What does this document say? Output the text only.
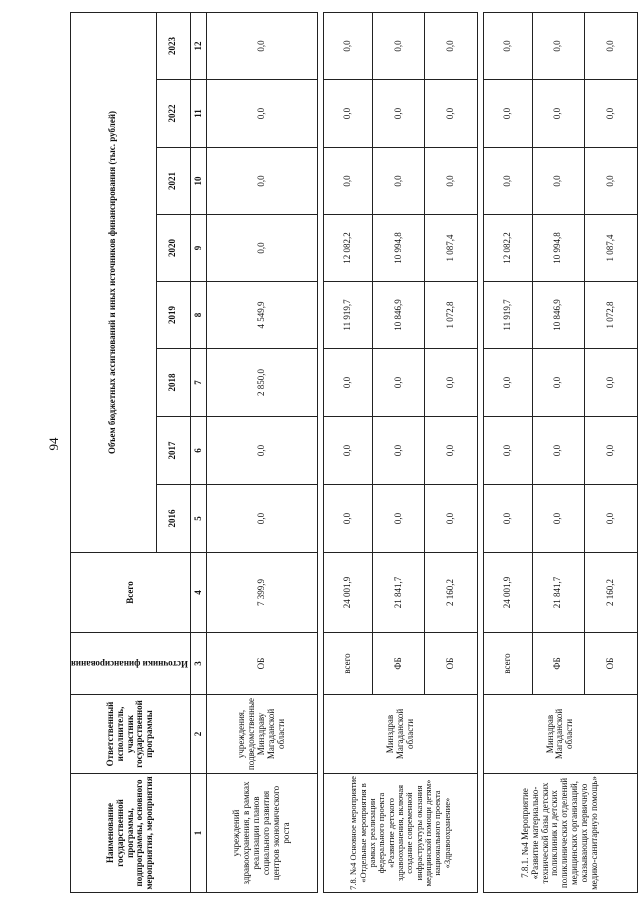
94
Наименование государственной программы, подпрограммы, основного мероприятия, мероприятия	Ответственный исполнитель, участник государственной программы	Источники финансирования	Всего	Объем бюджетных ассигнований и иных источников финансирования (тыс. рублей)							
				2016	2017	2018	2019	2020	2021	2022	2023
1	2	3	4	5	6	7	8	9	10	11	12
учреждений здравоохранения, в рамках реализации планов социального развития центров экономического роста	учреждения, подведомственные Минздраву Магаданской области	ОБ	7 399,9	0,0	0,0	2 850,0	4 549,9	0,0	0,0	0,0	0,0

7.8. №4 Основное мероприятие «Отдельные мероприятия в рамках реализации федерального проекта «Развитие детского здравоохранения, включая создание современной инфраструктуры оказания медицинской помощи детям» национального проекта «Здравоохранение»	Минздрав Магаданской области	всего	24 001,9	0,0	0,0	0,0	11 919,7	12 082,2	0,0	0,0	0,0
		ФБ	21 841,7	0,0	0,0	0,0	10 846,9	10 994,8	0,0	0,0	0,0
		ОБ	2 160,2	0,0	0,0	0,0	1 072,8	1 087,4	0,0	0,0	0,0

7.8.1. №4 Мероприятие «Развитие материально-технической базы детских поликлиник и детских поликлинических отделений медицинских организаций, оказывающих первичную медико-санитарную помощь»	Минздрав Магаданской области	всего	24 001,9	0,0	0,0	0,0	11 919,7	12 082,2	0,0	0,0	0,0
		ФБ	21 841,7	0,0	0,0	0,0	10 846,9	10 994,8	0,0	0,0	0,0
		ОБ	2 160,2	0,0	0,0	0,0	1 072,8	1 087,4	0,0	0,0	0,0
